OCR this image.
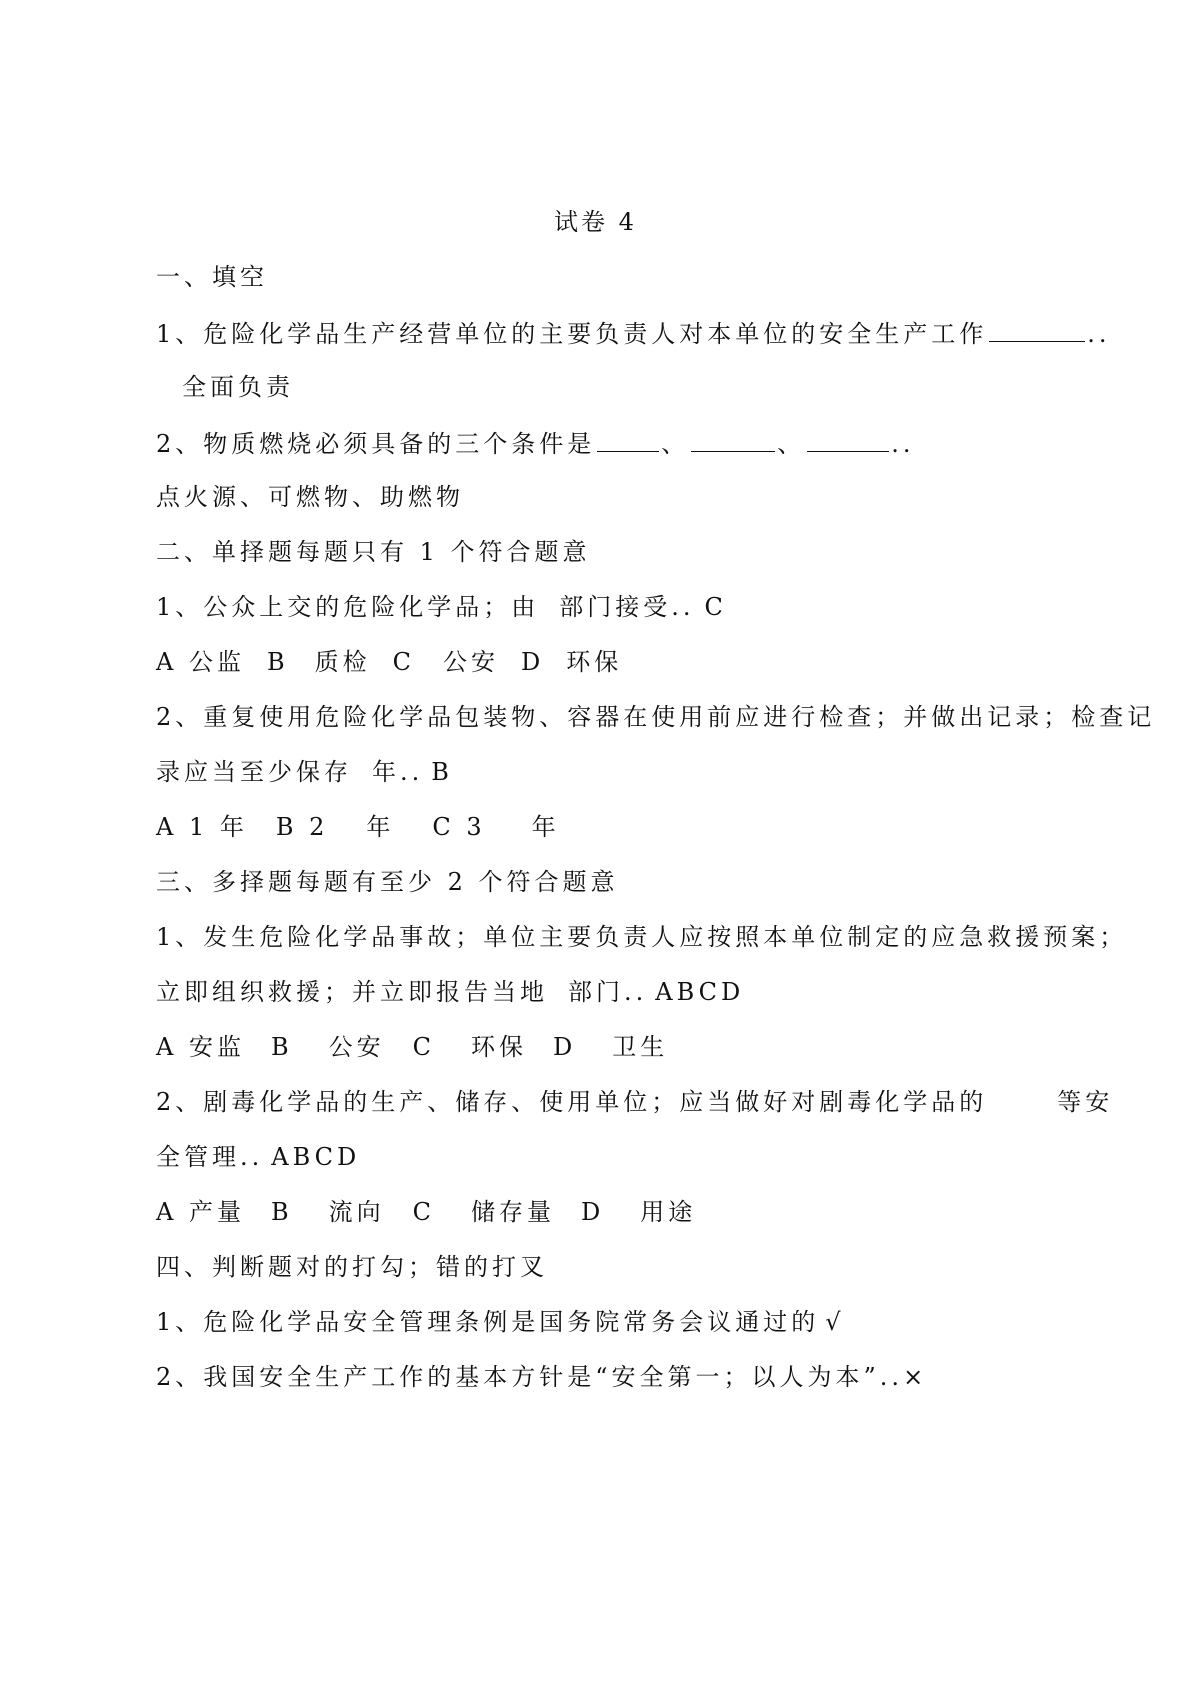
试卷 4
一、填空
1、危险化学品生产经营单位的主要负责人对本单位的安全生产工作	..
全面负责
2、物质燃烧必须具备的三个条件是	、	、	..
点火源、可燃物、助燃物
二、单择题每题只有 1 个符合题意
1、公众上交的危险化学品；由 部门接受.. C
A 公监 B 质检 C 公安 D 环保
2、重复使用危险化学品包装物、容器在使用前应进行检查；并做出记录；检查记
录应当至少保存 年.. B
A 1 年 B 2 年 C 3 年
三、多择题每题有至少 2 个符合题意
1、发生危险化学品事故；单位主要负责人应按照本单位制定的应急救援预案；
立即组织救援；并立即报告当地 部门.. ABCD
A 安监 B 公安 C 环保 D 卫生
2、剧毒化学品的生产、储存、使用单位；应当做好对剧毒化学品的	等安
全管理.. ABCD
A 产量 B 流向 C 储存量 D 用途
四、判断题对的打勾；错的打叉
1、危险化学品安全管理条例是国务院常务会议通过的 √
2、我国安全生产工作的基本方针是“安全第一；以人为本”..×
